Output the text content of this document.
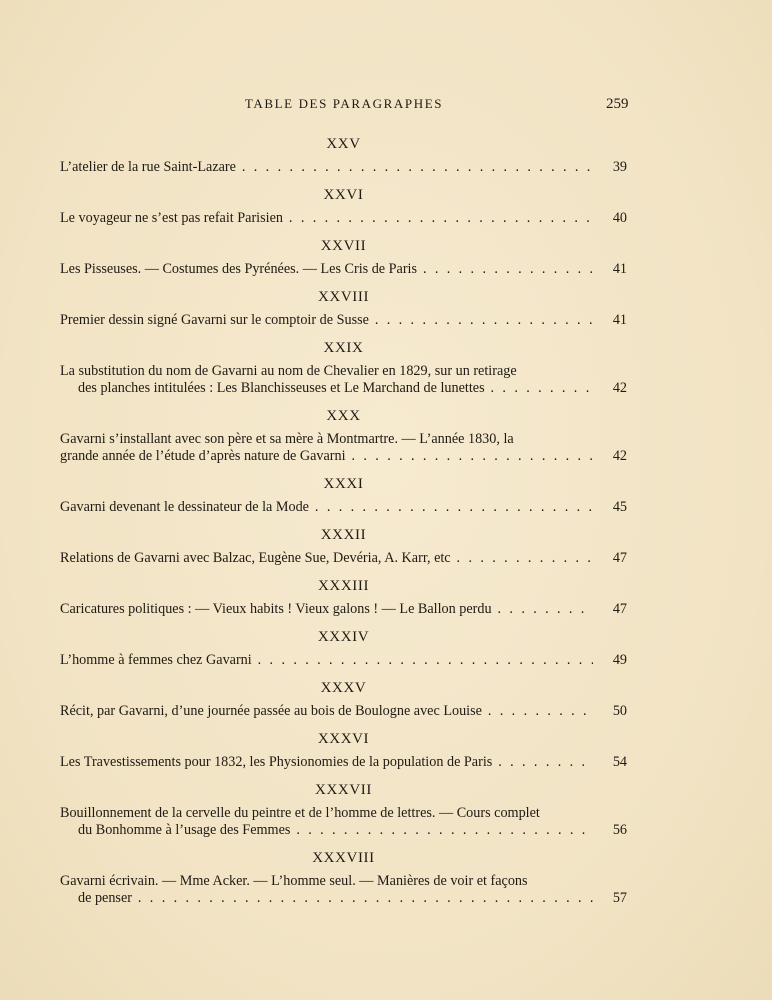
TABLE DES PARAGRAPHES	259
XXV
L’atelier de la rue Saint-Lazare . . .	39
XXVI
Le voyageur ne s’est pas refait Parisien . . .	40
XXVII
Les Pisseuses. — Costumes des Pyrénées. — Les Cris de Paris . . .	41
XXVIII
Premier dessin signé Gavarni sur le comptoir de Susse . . .	41
XXIX
La substitution du nom de Gavarni au nom de Chevalier en 1829, sur un retirage
des planches intitulées : Les Blanchisseuses et Le Marchand de lunettes . . .	42
XXX
Gavarni s’installant avec son père et sa mère à Montmartre. — L’année 1830, la
grande année de l’étude d’après nature de Gavarni . . .	42
XXXI
Gavarni devenant le dessinateur de la Mode . . .	45
XXXII
Relations de Gavarni avec Balzac, Eugène Sue, Devéria, A. Karr, etc . . .	47
XXXIII
Caricatures politiques : — Vieux habits ! Vieux galons ! — Le Ballon perdu . . .	47
XXXIV
L’homme à femmes chez Gavarni . . .	49
XXXV
Récit, par Gavarni, d’une journée passée au bois de Boulogne avec Louise . . .	50
XXXVI
Les Travestissements pour 1832, les Physionomies de la population de Paris . . .	54
XXXVII
Bouillonnement de la cervelle du peintre et de l’homme de lettres. — Cours complet
du Bonhomme à l’usage des Femmes . . .	56
XXXVIII
Gavarni écrivain. — Mme Acker. — L’homme seul. — Manières de voir et façons
de penser . . .	57
